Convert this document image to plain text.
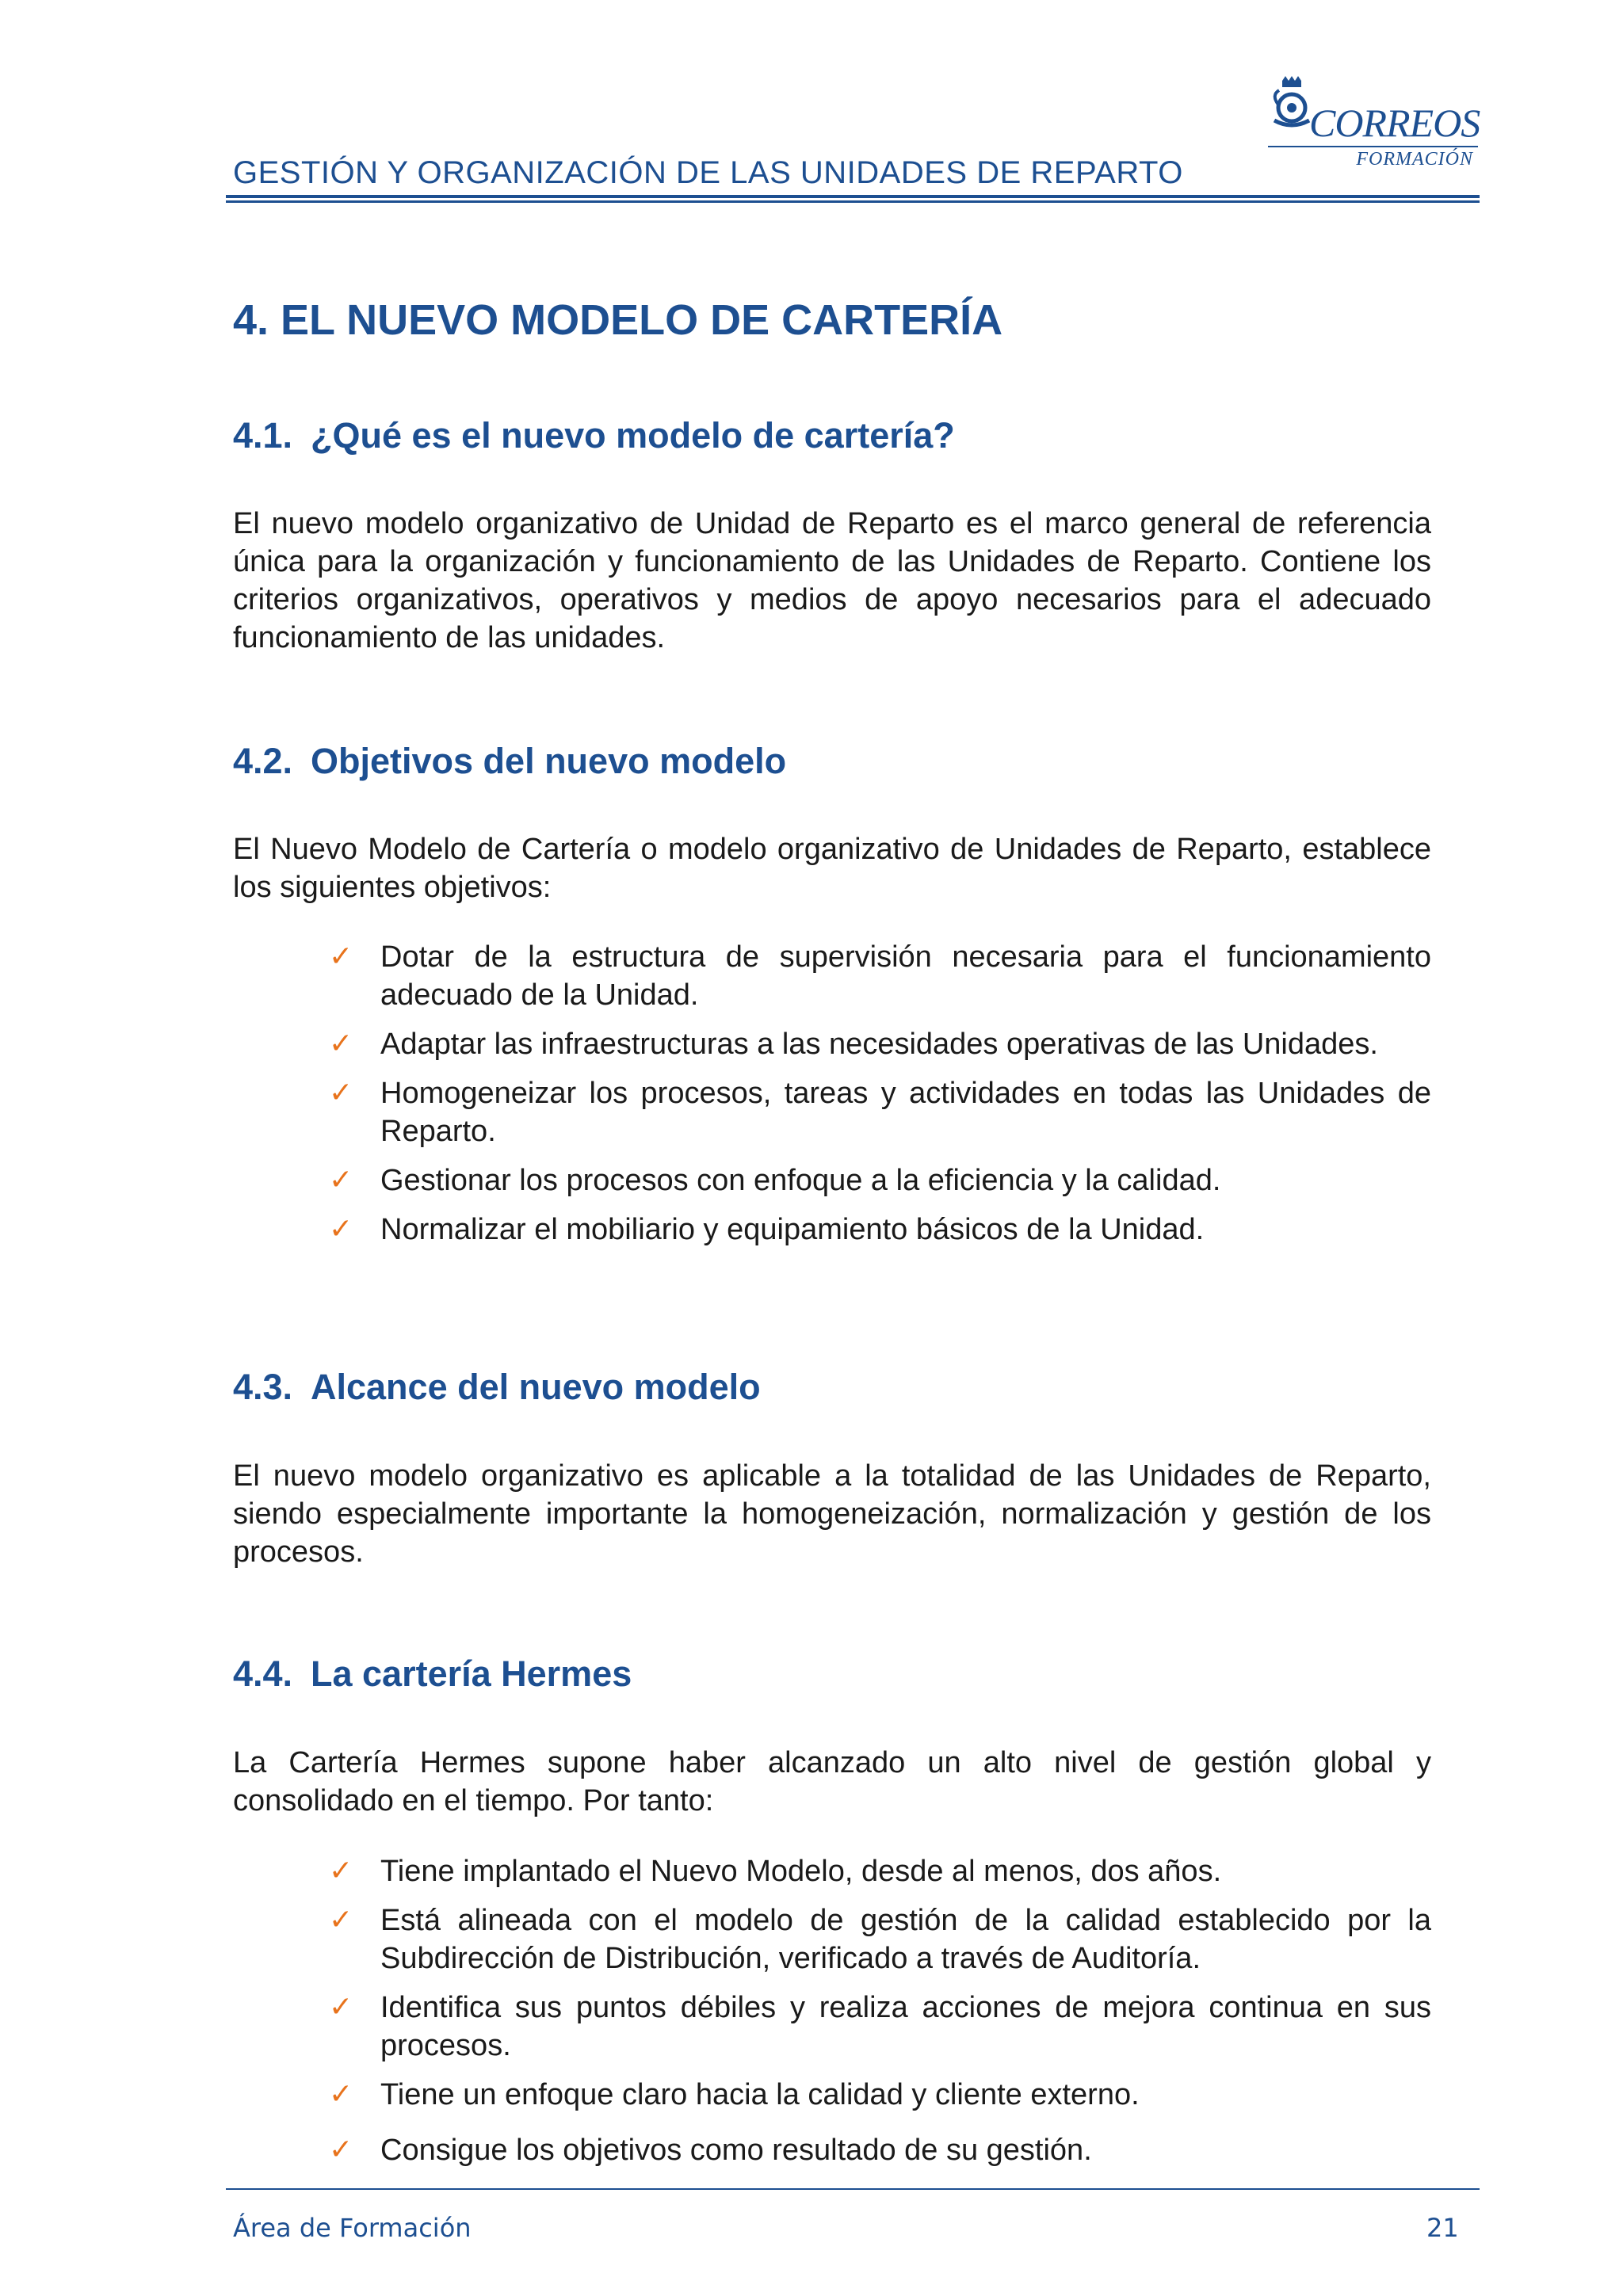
GESTIÓN Y ORGANIZACIÓN DE LAS UNIDADES DE REPARTO
CORREOS
FORMACIÓN
4. EL NUEVO MODELO DE CARTERÍA
4.1. ¿Qué es el nuevo modelo de cartería?
El nuevo modelo organizativo de Unidad de Reparto es el marco general de referencia única para la organización y funcionamiento de las Unidades de Reparto. Contiene los criterios organizativos, operativos y medios de apoyo necesarios para el adecuado funcionamiento de las unidades.
4.2. Objetivos del nuevo modelo
El Nuevo Modelo de Cartería o modelo organizativo de Unidades de Reparto, establece los siguientes objetivos:
✓ Dotar de la estructura de supervisión necesaria para el funcionamiento adecuado de la Unidad.
✓ Adaptar las infraestructuras a las necesidades operativas de las Unidades.
✓ Homogeneizar los procesos, tareas y actividades en todas las Unidades de Reparto.
✓ Gestionar los procesos con enfoque a la eficiencia y la calidad.
✓ Normalizar el mobiliario y equipamiento básicos de la Unidad.
4.3. Alcance del nuevo modelo
El nuevo modelo organizativo es aplicable a la totalidad de las Unidades de Reparto, siendo especialmente importante la homogeneización, normalización y gestión de los procesos.
4.4. La cartería Hermes
La Cartería Hermes supone haber alcanzado un alto nivel de gestión global y consolidado en el tiempo. Por tanto:
✓ Tiene implantado el Nuevo Modelo, desde al menos, dos años.
✓ Está alineada con el modelo de gestión de la calidad establecido por la Subdirección de Distribución, verificado a través de Auditoría.
✓ Identifica sus puntos débiles y realiza acciones de mejora continua en sus procesos.
✓ Tiene un enfoque claro hacia la calidad y cliente externo.
✓ Consigue los objetivos como resultado de su gestión.
Área de Formación	21
